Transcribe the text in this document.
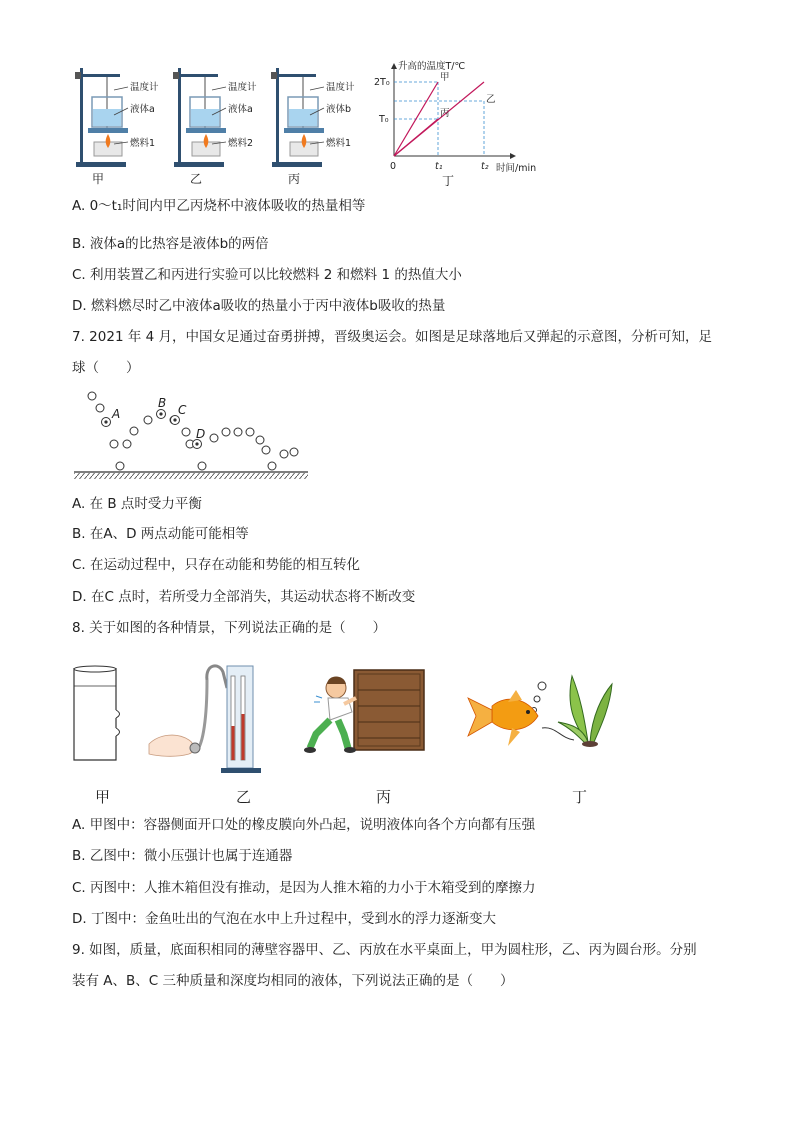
温度计
液体a
燃料1
甲
温度计
液体a
燃料2
乙
温度计
液体b
燃料1
丙
升高的温度T/℃
2T₀
T₀
甲
乙
丙
0	t₁	t₂ 时间/min
丁
A. 0～t₁时间内甲乙丙烧杯中液体吸收的热量相等
B. 液体a的比热容是液体b的两倍
C. 利用装置乙和丙进行实验可以比较燃料 2 和燃料 1 的热值大小
D. 燃料燃尽时乙中液体a吸收的热量小于丙中液体b吸收的热量
7. 2021 年 4 月，中国女足通过奋勇拼搏，晋级奥运会。如图是足球落地后又弹起的示意图，分析可知，足
球（　　）
A
B C
D
A. 在 B 点时受力平衡
B. 在A、D 两点动能可能相等
C. 在运动过程中，只存在动能和势能的相互转化
D. 在C 点时，若所受力全部消失，其运动状态将不断改变
8. 关于如图的各种情景，下列说法正确的是（　　）
甲	乙	丙	丁
A. 甲图中：容器侧面开口处的橡皮膜向外凸起，说明液体向各个方向都有压强
B. 乙图中：微小压强计也属于连通器
C. 丙图中：人推木箱但没有推动，是因为人推木箱的力小于木箱受到的摩擦力
D. 丁图中：金鱼吐出的气泡在水中上升过程中，受到水的浮力逐渐变大
9. 如图，质量，底面积相同的薄壁容器甲、乙、丙放在水平桌面上，甲为圆柱形，乙、丙为圆台形。分别
装有 A、B、C 三种质量和深度均相同的液体，下列说法正确的是（　　）
